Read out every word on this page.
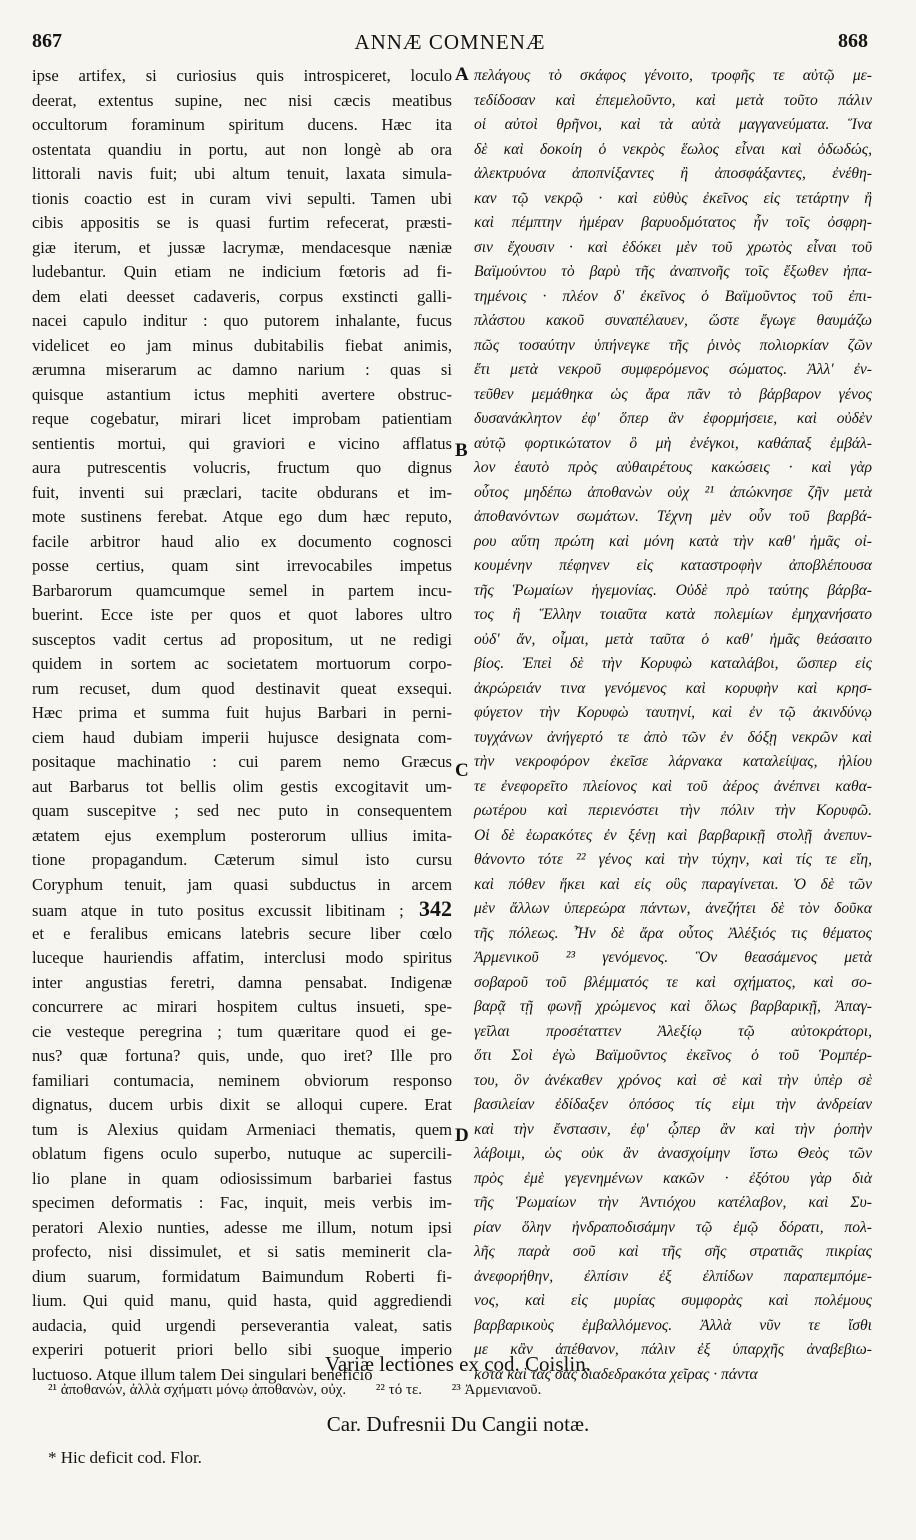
867	ANNÆ COMNENÆ	868
ipse artifex, si curiosius quis introspiceret, loculo
deerat, extentus supine, nec nisi cæcis meatibus
occultorum foraminum spiritum ducens. Hæc ita
ostentata quandiu in portu, aut non longè ab ora
littorali navis fuit; ubi altum tenuit, laxata simula-
tionis coactio est in curam vivi sepulti. Tamen ubi
cibis appositis se is quasi furtim refecerat, præsti-
giæ iterum, et jussæ lacrymæ, mendacesque næniæ
ludebantur. Quin etiam ne indicium fœtoris ad fi-
dem elati deesset cadaveris, corpus exstincti galli-
nacei capulo inditur : quo putorem inhalante, fucus
videlicet eo jam minus dubitabilis fiebat animis,
ærumna miserarum ac damno narium : quas si
quisque astantium ictus mephiti avertere obstruc-
reque cogebatur, mirari licet improbam patientiam
sentientis mortui, qui graviori e vicino afflatus
aura putrescentis volucris, fructum quo dignus
fuit, inventi sui præclari, tacite obdurans et im-
mote sustinens ferebat. Atque ego dum hæc reputo,
facile arbitror haud alio ex documento cognosci
posse certius, quam sint irrevocabiles impetus
Barbarorum quamcumque semel in partem incu-
buerint. Ecce iste per quos et quot labores ultro
susceptos vadit certus ad propositum, ut ne redigi
quidem in sortem ac societatem mortuorum corpo-
rum recuset, dum quod destinavit queat exsequi.
Hæc prima et summa fuit hujus Barbari in perni-
ciem haud dubiam imperii hujusce designata com-
positaque machinatio : cui parem nemo Græcus
aut Barbarus tot bellis olim gestis excogitavit um-
quam suscepitve ; sed nec puto in consequentem
ætatem ejus exemplum posterorum ullius imita-
tione propagandum. Cæterum simul isto cursu
Coryphum tenuit, jam quasi subductus in arcem
suam atque in tuto positus excussit libitinam ; 342
et e feralibus emicans latebris secure liber cœlo
luceque hauriendis affatim, interclusi modo spiritus
inter angustias feretri, damna pensabat. Indigenæ
concurrere ac mirari hospitem cultus insueti, spe-
cie vesteque peregrina ; tum quæritare quod ei ge-
nus? quæ fortuna? quis, unde, quo iret? Ille pro
familiari contumacia, neminem obviorum responso
dignatus, ducem urbis dixit se alloqui cupere. Erat
tum is Alexius quidam Armeniaci thematis, quem
oblatum figens oculo superbo, nutuque ac supercili-
lio plane in quam odiosissimum barbariei fastus
specimen deformatis : Fac, inquit, meis verbis im-
peratori Alexio nunties, adesse me illum, notum ipsi
profecto, nisi dissimulet, et si satis meminerit cla-
dium suarum, formidatum Baimundum Roberti fi-
lium. Qui quid manu, quid hasta, quid aggrediendi
audacia, quid urgendi perseverantia valeat, satis
experiri potuerit priori bello sibi suoque imperio
luctuoso. Atque illum talem Dei singulari beneficio
πελάγους τὸ σκάφος γένοιτο, τροφῆς τε αὐτῷ με-
τεδίδοσαν καὶ ἐπεμελοῦντο, καὶ μετὰ τοῦτο πάλιν
οἱ αὐτοὶ θρῆνοι, καὶ τὰ αὐτὰ μαγγανεύματα. Ἵνα
δὲ καὶ δοκοίη ὁ νεκρὸς ἕωλος εἶναι καὶ ὀδωδώς,
ἀλεκτρυόνα ἀποπνίξαντες ἢ ἀποσφάξαντες, ἐνέθη-
καν τῷ νεκρῷ · καὶ εὐθὺς ἐκεῖνος εἰς τετάρτην ἢ
καὶ πέμπτην ἡμέραν βαρυοδμότατος ἦν τοῖς ὀσφρη-
σιν ἔχουσιν · καὶ ἐδόκει μὲν τοῦ χρωτὸς εἶναι τοῦ
Βαϊμούντου τὸ βαρὺ τῆς ἀναπνοῆς τοῖς ἔξωθεν ἠπα-
τημένοις · πλέον δ' ἐκεῖνος ὁ Βαϊμοῦντος τοῦ ἐπι-
πλάστου κακοῦ συναπέλαυεν, ὥστε ἔγωγε θαυμάζω
πῶς τοσαύτην ὑπήνεγκε τῆς ῥινὸς πολιορκίαν ζῶν
ἔτι μετὰ νεκροῦ συμφερόμενος σώματος. Ἀλλ' ἐν-
τεῦθεν μεμάθηκα ὡς ἄρα πᾶν τὸ βάρβαρον γένος
δυσανάκλητον ἐφ' ὅπερ ἂν ἐφορμήσειε, καὶ οὐδὲν
αὐτῷ φορτικώτατον ὃ μὴ ἐνέγκοι, καθάπαξ ἐμβάλ-
λον ἑαυτὸ πρὸς αὐθαιρέτους κακώσεις · καὶ γὰρ
οὗτος μηδέπω ἀποθανὼν οὐχ ²¹ ἀπώκνησε ζῆν μετὰ
ἀποθανόντων σωμάτων. Τέχνη μὲν οὖν τοῦ βαρβά-
ρου αὕτη πρώτη καὶ μόνη κατὰ τὴν καθ' ἡμᾶς οἰ-
κουμένην πέφηνεν εἰς καταστροφὴν ἀποβλέπουσα
τῆς Ῥωμαίων ἡγεμονίας. Οὐδὲ πρὸ ταύτης βάρβα-
τος ἢ Ἕλλην τοιαῦτα κατὰ πολεμίων ἐμηχανήσατο
οὐδ' ἄν, οἶμαι, μετὰ ταῦτα ὁ καθ' ἡμᾶς θεάσαιτο
βίος. Ἐπεὶ δὲ τὴν Κορυφὼ καταλάβοι, ὥσπερ εἰς
ἀκρώρειάν τινα γενόμενος καὶ κορυφὴν καὶ κρησ-
φύγετον τὴν Κορυφὼ ταυτηνί, καὶ ἐν τῷ ἀκινδύνῳ
τυγχάνων ἀνήγερτό τε ἀπὸ τῶν ἐν δόξῃ νεκρῶν καὶ
τὴν νεκροφόρον ἐκεῖσε λάρνακα καταλείψας, ἡλίου
τε ἐνεφορεῖτο πλείονος καὶ τοῦ ἀέρος ἀνέπνει καθα-
ρωτέρου καὶ περιενόστει τὴν πόλιν τὴν Κορυφῶ.
Οἱ δὲ ἑωρακότες ἐν ξένῃ καὶ βαρβαρικῇ στολῇ ἀνεπυν-
θάνοντο τότε ²² γένος καὶ τὴν τύχην, καὶ τίς τε εἴη,
καὶ πόθεν ἥκει καὶ εἰς οὓς παραγίνεται. Ὁ δὲ τῶν
μὲν ἄλλων ὑπερεώρα πάντων, ἀνεζήτει δὲ τὸν δοῦκα
τῆς πόλεως. Ἦν δὲ ἄρα οὗτος Ἀλέξιός τις θέματος
Ἀρμενικοῦ ²³ γενόμενος. Ὃν θεασάμενος μετὰ
σοβαροῦ τοῦ βλέμματός τε καὶ σχήματος, καὶ σο-
βαρᾷ τῇ φωνῇ χρώμενος καὶ ὅλως βαρβαρικῇ, Ἀπαγ-
γεῖλαι προσέταττεν Ἀλεξίῳ τῷ αὐτοκράτορι,
ὅτι Σοὶ ἐγὼ Βαϊμοῦντος ἐκεῖνος ὁ τοῦ Ῥομπέρ-
του, ὃν ἀνέκαθεν χρόνος καὶ σὲ καὶ τὴν ὑπὲρ σὲ
βασιλείαν ἐδίδαξεν ὁπόσος τίς εἰμι τὴν ἀνδρείαν
καὶ τὴν ἔνστασιν, ἐφ' ᾧπερ ἂν καὶ τὴν ῥοπὴν
λάβοιμι, ὡς οὐκ ἂν ἀνασχοίμην ἴστω Θεὸς τῶν
πρὸς ἐμὲ γεγενημένων κακῶν · ἐξότου γὰρ διὰ
τῆς Ῥωμαίων τὴν Ἀντιόχου κατέλαβον, καὶ Συ-
ρίαν ὅλην ἠνδραποδισάμην τῷ ἐμῷ δόρατι, πολ-
λῆς παρὰ σοῦ καὶ τῆς σῆς στρατιᾶς πικρίας
ἀνεφορήθην, ἐλπίσιν ἐξ ἐλπίδων παραπεμπόμε-
νος, καὶ εἰς μυρίας συμφορὰς καὶ πολέμους
βαρβαρικοὺς ἐμβαλλόμενος. Ἀλλὰ νῦν τε ἴσθι
με κἂν ἀπέθανον, πάλιν ἐξ ὑπαρχῆς ἀναβεβιω-
κότα καὶ τὰς σὰς διαδεδρακότα χεῖρας · πάντα
A
B
C
D
Variæ lectiones ex cod. Coislin.
²¹ ἀποθανών, ἀλλὰ σχήματι μόνῳ ἀποθανὼν, οὐχ. ²² τό τε. ²³ Ἀρμενιανοῦ.
Car. Dufresnii Du Cangii notæ.
* Hic deficit cod. Flor.
